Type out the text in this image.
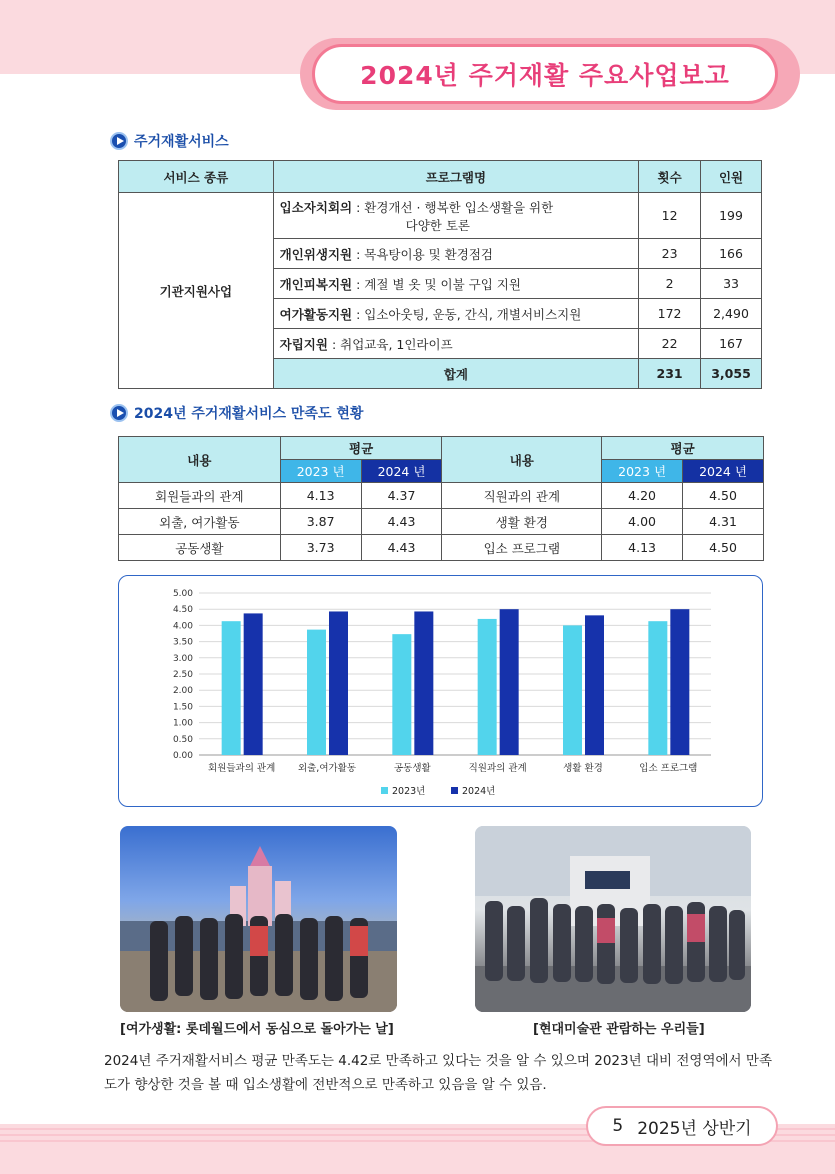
2024년 주거재활 주요사업보고
주거재활서비스
서비스 종류	프로그램명	횟수	인원
기관지원사업	입소자치회의 : 환경개선 · 행복한 입소생활을 위한
다양한 토론	12	199
	개인위생지원 : 목욕탕이용 및 환경점검	23	166
	개인피복지원 : 계절 별 옷 및 이불 구입 지원	2	33
	여가활동지원 : 입소아웃팅, 운동, 간식, 개별서비스지원	172	2,490
	자립지원 : 취업교육, 1인라이프	22	167
	합계	231	3,055
2024년 주거재활서비스 만족도 현황
내용	평균		내용	평균	
	2023 년	2024 년		2023 년	2024 년
회원들과의 관계	4.13	4.37	직원과의 관계	4.20	4.50
외출, 여가활동	3.87	4.43	생활 환경	4.00	4.31
공동생활	3.73	4.43	입소 프로그램	4.13	4.50
0.00
0.50
1.00
1.50
2.00
2.50
3.00
3.50
4.00
4.50
5.00
회원들과의 관계 외출,여가활동	공동생활	직원과의 관계	생활 환경	입소 프로그램
2023년	2024년
[여가생활: 롯데월드에서 동심으로 돌아가는 날]	[현대미술관 관람하는 우리들]
2024년 주거재활서비스 평균 만족도는 4.42로 만족하고 있다는 것을 알 수 있으며 2023년 대비 전영역에서 만족도가 향상한 것을 볼 때 입소생활에 전반적으로 만족하고 있음을 알 수 있음.
5 2025년 상반기
